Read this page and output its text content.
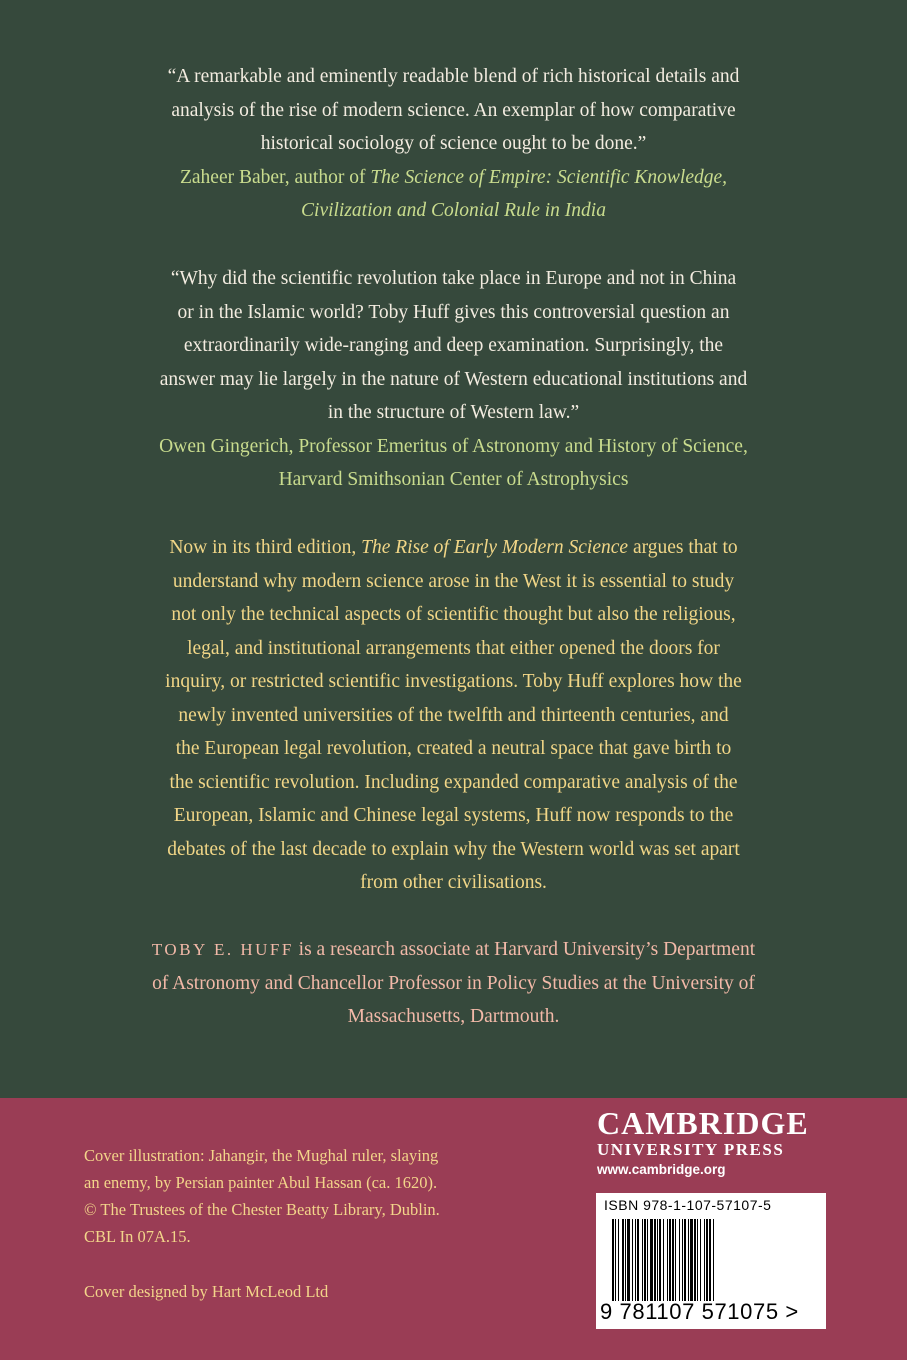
“A remarkable and eminently readable blend of rich historical details and
analysis of the rise of modern science. An exemplar of how comparative
historical sociology of science ought to be done.”
Zaheer Baber, author of The Science of Empire: Scientific Knowledge,
Civilization and Colonial Rule in India
“Why did the scientific revolution take place in Europe and not in China
or in the Islamic world? Toby Huff gives this controversial question an
extraordinarily wide-ranging and deep examination. Surprisingly, the
answer may lie largely in the nature of Western educational institutions and
in the structure of Western law.”
Owen Gingerich, Professor Emeritus of Astronomy and History of Science,
Harvard Smithsonian Center of Astrophysics
Now in its third edition, The Rise of Early Modern Science argues that to
understand why modern science arose in the West it is essential to study
not only the technical aspects of scientific thought but also the religious,
legal, and institutional arrangements that either opened the doors for
inquiry, or restricted scientific investigations. Toby Huff explores how the
newly invented universities of the twelfth and thirteenth centuries, and
the European legal revolution, created a neutral space that gave birth to
the scientific revolution. Including expanded comparative analysis of the
European, Islamic and Chinese legal systems, Huff now responds to the
debates of the last decade to explain why the Western world was set apart
from other civilisations.
TOBY E. HUFF is a research associate at Harvard University’s Department
of Astronomy and Chancellor Professor in Policy Studies at the University of
Massachusetts, Dartmouth.

Cover illustration: Jahangir, the Mughal ruler, slaying

an enemy, by Persian painter Abul Hassan (ca. 1620).

© The Trustees of the Chester Beatty Library, Dublin.

CBL In 07A.15.

Cover designed by Hart McLeod Ltd
CAMBRIDGE
UNIVERSITY PRESS
www.cambridge.org
ISBN 978-1-107-57107-5
9 781107 571075 >
